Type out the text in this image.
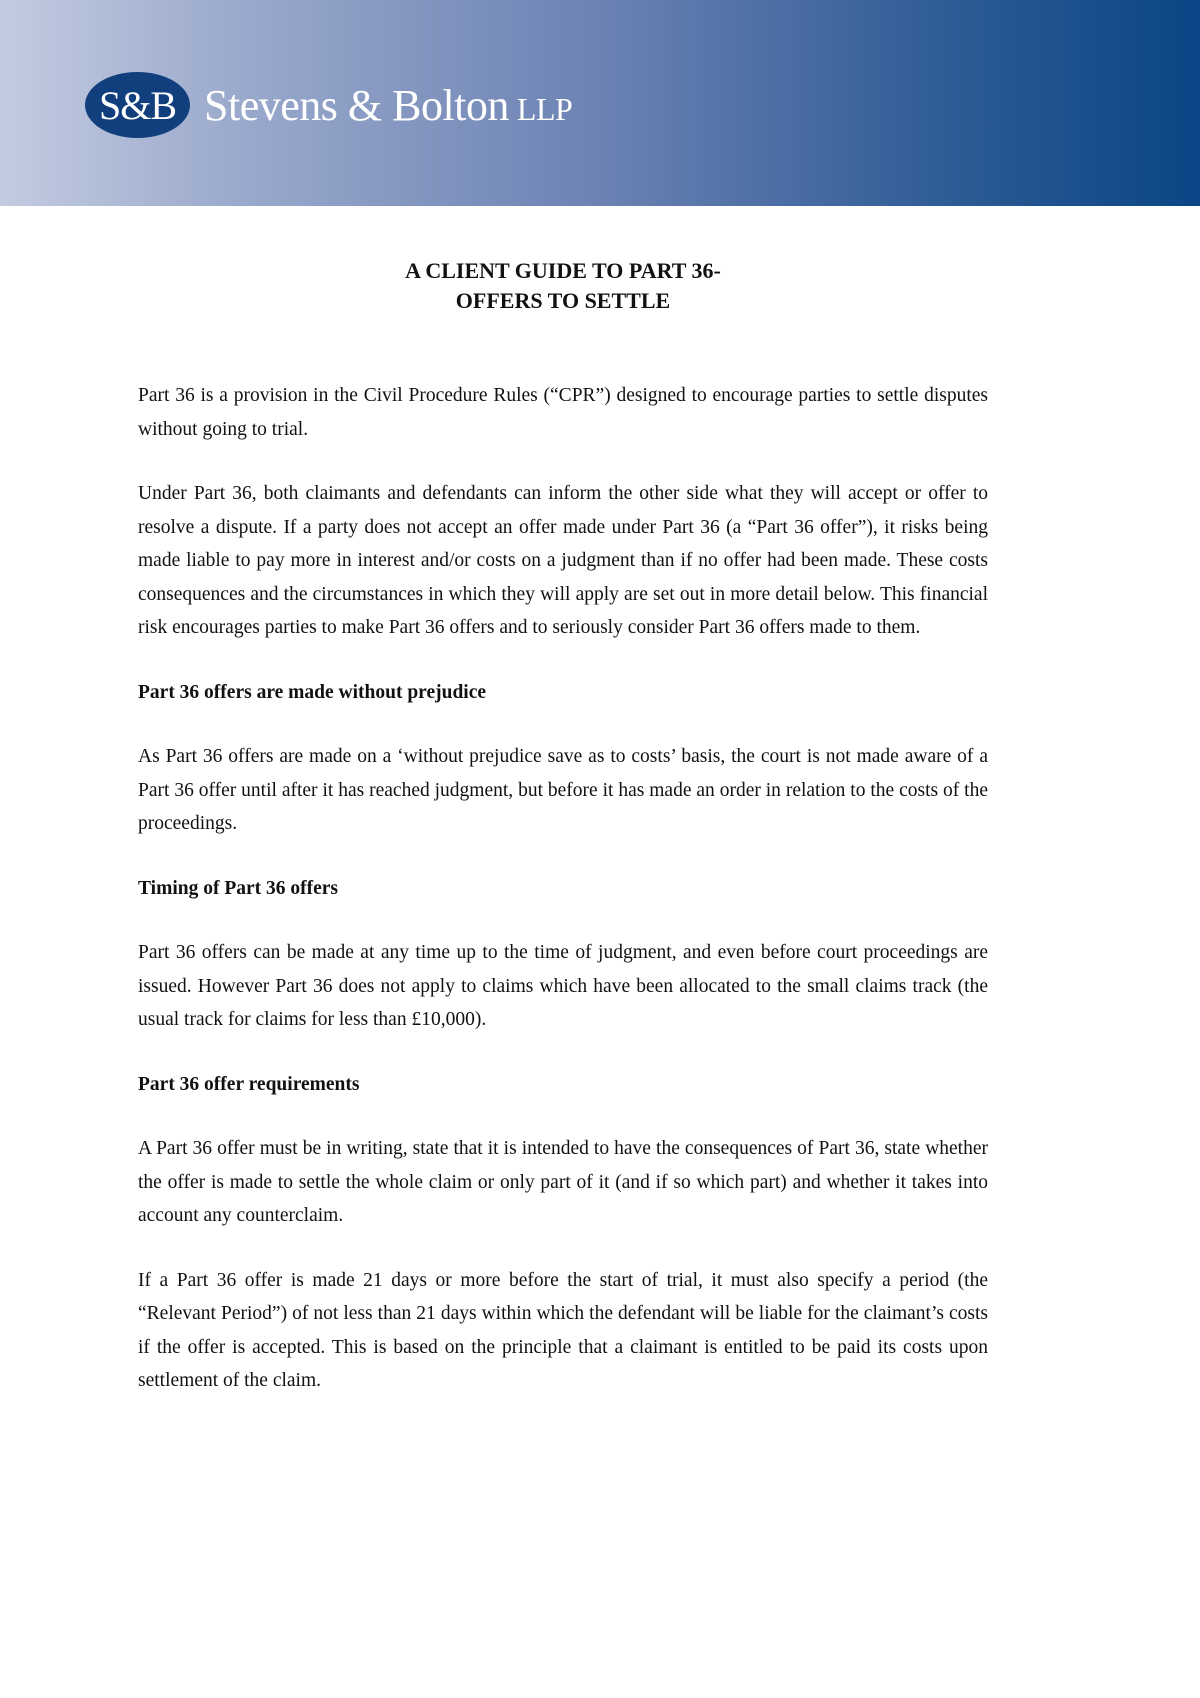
S&B Stevens & Bolton LLP
A CLIENT GUIDE TO PART 36-
OFFERS TO SETTLE

Part 36 is a provision in the Civil Procedure Rules (“CPR”) designed to encourage parties to settle disputes without going to trial.

Under Part 36, both claimants and defendants can inform the other side what they will accept or offer to resolve a dispute. If a party does not accept an offer made under Part 36 (a “Part 36 offer”), it risks being made liable to pay more in interest and/or costs on a judgment than if no offer had been made. These costs consequences and the circumstances in which they will apply are set out in more detail below. This financial risk encourages parties to make Part 36 offers and to seriously consider Part 36 offers made to them.

Part 36 offers are made without prejudice

As Part 36 offers are made on a ‘without prejudice save as to costs’ basis, the court is not made aware of a Part 36 offer until after it has reached judgment, but before it has made an order in relation to the costs of the proceedings.

Timing of Part 36 offers

Part 36 offers can be made at any time up to the time of judgment, and even before court proceedings are issued. However Part 36 does not apply to claims which have been allocated to the small claims track (the usual track for claims for less than £10,000).

Part 36 offer requirements

A Part 36 offer must be in writing, state that it is intended to have the consequences of Part 36, state whether the offer is made to settle the whole claim or only part of it (and if so which part) and whether it takes into account any counterclaim.

If a Part 36 offer is made 21 days or more before the start of trial, it must also specify a period (the “Relevant Period”) of not less than 21 days within which the defendant will be liable for the claimant’s costs if the offer is accepted. This is based on the principle that a claimant is entitled to be paid its costs upon settlement of the claim.
